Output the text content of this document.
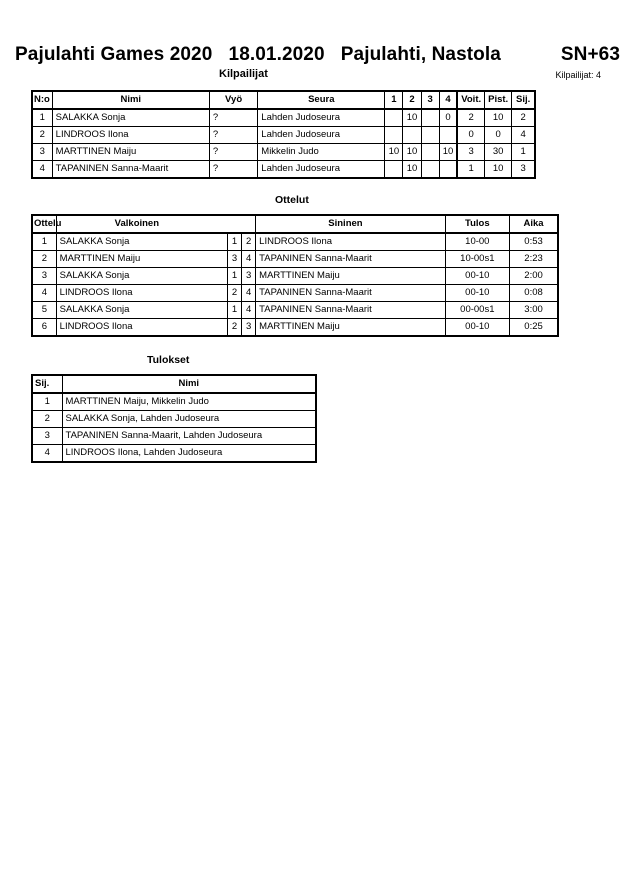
Pajulahti Games 2020 18.01.2020 Pajulahti, Nastola	SN+63
Kilpailijat	Kilpailijat: 4
N:o	Nimi	Vyö	Seura	1	2	3	4	Voit.	Pist.	Sij.
1	SALAKKA Sonja	?	Lahden Judoseura		10		0	2	10	2
2	LINDROOS Ilona	?	Lahden Judoseura					0	0	4
3	MARTTINEN Maiju	?	Mikkelin Judo	10	10		10	3	30	1
4	TAPANINEN Sanna-Maarit	?	Lahden Judoseura		10			1	10	3
Ottelut
Ottelu	Valkoinen			Sininen	Tulos	Aika
1	SALAKKA Sonja	1	2	LINDROOS Ilona	10-00	0:53
2	MARTTINEN Maiju	3	4	TAPANINEN Sanna-Maarit	10-00s1	2:23
3	SALAKKA Sonja	1	3	MARTTINEN Maiju	00-10	2:00
4	LINDROOS Ilona	2	4	TAPANINEN Sanna-Maarit	00-10	0:08
5	SALAKKA Sonja	1	4	TAPANINEN Sanna-Maarit	00-00s1	3:00
6	LINDROOS Ilona	2	3	MARTTINEN Maiju	00-10	0:25
Tulokset
Sij.	Nimi
1	MARTTINEN Maiju, Mikkelin Judo
2	SALAKKA Sonja, Lahden Judoseura
3	TAPANINEN Sanna-Maarit, Lahden Judoseura
4	LINDROOS Ilona, Lahden Judoseura
